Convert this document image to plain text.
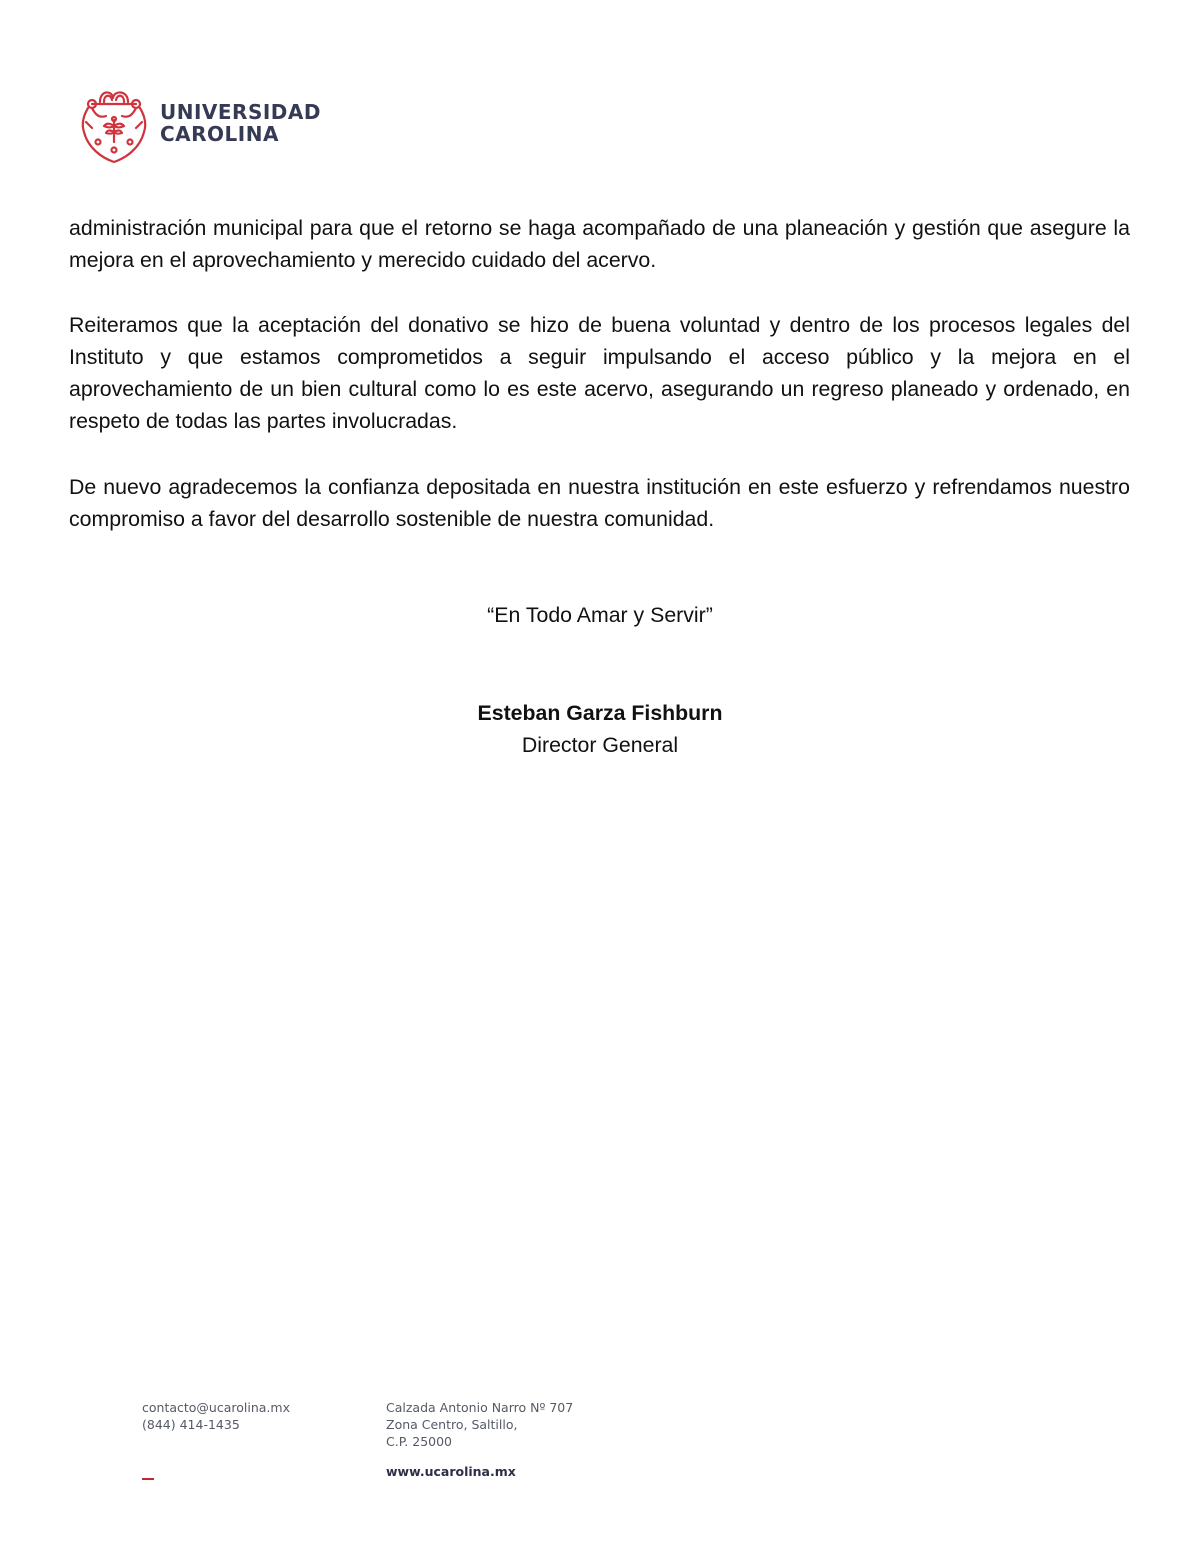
UNIVERSIDAD
CAROLINA

administración municipal para que el retorno se haga acompañado de una planeación y gestión que asegure la mejora en el aprovechamiento y merecido cuidado del acervo.

Reiteramos que la aceptación del donativo se hizo de buena voluntad y dentro de los procesos legales del Instituto y que estamos comprometidos a seguir impulsando el acceso público y la mejora en el aprovechamiento de un bien cultural como lo es este acervo, asegurando un regreso planeado y ordenado, en respeto de todas las partes involucradas.

De nuevo agradecemos la confianza depositada en nuestra institución en este esfuerzo y refrendamos nuestro compromiso a favor del desarrollo sostenible de nuestra comunidad.

“En Todo Amar y Servir”
Esteban Garza Fishburn
Director General
contacto@ucarolina.mx
(844) 414-1435
Calzada Antonio Narro Nº 707
Zona Centro, Saltillo,
C.P. 25000
www.ucarolina.mx
